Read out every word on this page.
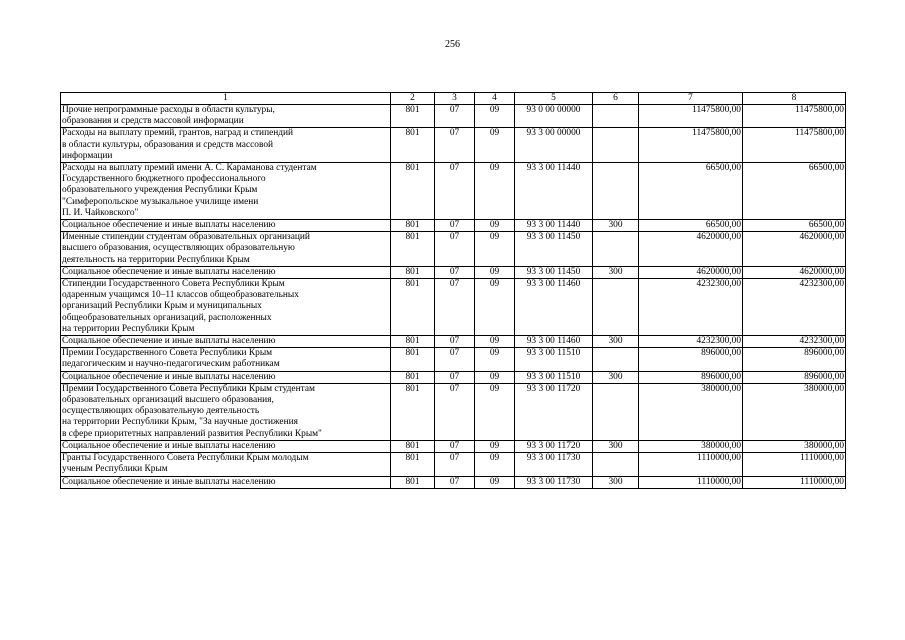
256
1	2	3	4	5	6	7	8
Прочие непрограммные расходы в области культуры,
образования и средств массовой информации	801	07	09	93 0 00 00000		11475800,00	11475800,00
Расходы на выплату премий, грантов, наград и стипендий
в области культуры, образования и средств массовой
информации	801	07	09	93 3 00 00000		11475800,00	11475800,00
Расходы на выплату премий имени А. С. Караманова студентам
Государственного бюджетного профессионального
образовательного учреждения Республики Крым
"Симферопольское музыкальное училище имени
П. И. Чайковского"	801	07	09	93 3 00 11440		66500,00	66500,00
Социальное обеспечение и иные выплаты населению	801	07	09	93 3 00 11440	300	66500,00	66500,00
Именные стипендии студентам образовательных организаций
высшего образования, осуществляющих образовательную
деятельность на территории Республики Крым	801	07	09	93 3 00 11450		4620000,00	4620000,00
Социальное обеспечение и иные выплаты населению	801	07	09	93 3 00 11450	300	4620000,00	4620000,00
Стипендии Государственного Совета Республики Крым
одаренным учащимся 10–11 классов общеобразовательных
организаций Республики Крым и муниципальных
общеобразовательных организаций, расположенных
на территории Республики Крым	801	07	09	93 3 00 11460		4232300,00	4232300,00
Социальное обеспечение и иные выплаты населению	801	07	09	93 3 00 11460	300	4232300,00	4232300,00
Премии Государственного Совета Республики Крым
педагогическим и научно-педагогическим работникам	801	07	09	93 3 00 11510		896000,00	896000,00
Социальное обеспечение и иные выплаты населению	801	07	09	93 3 00 11510	300	896000,00	896000,00
Премии Государственного Совета Республики Крым студентам
образовательных организаций высшего образования,
осуществляющих образовательную деятельность
на территории Республики Крым, "За научные достижения
в сфере приоритетных направлений развития Республики Крым"	801	07	09	93 3 00 11720		380000,00	380000,00
Социальное обеспечение и иные выплаты населению	801	07	09	93 3 00 11720	300	380000,00	380000,00
Гранты Государственного Совета Республики Крым молодым
ученым Республики Крым	801	07	09	93 3 00 11730		1110000,00	1110000,00
Социальное обеспечение и иные выплаты населению	801	07	09	93 3 00 11730	300	1110000,00	1110000,00
